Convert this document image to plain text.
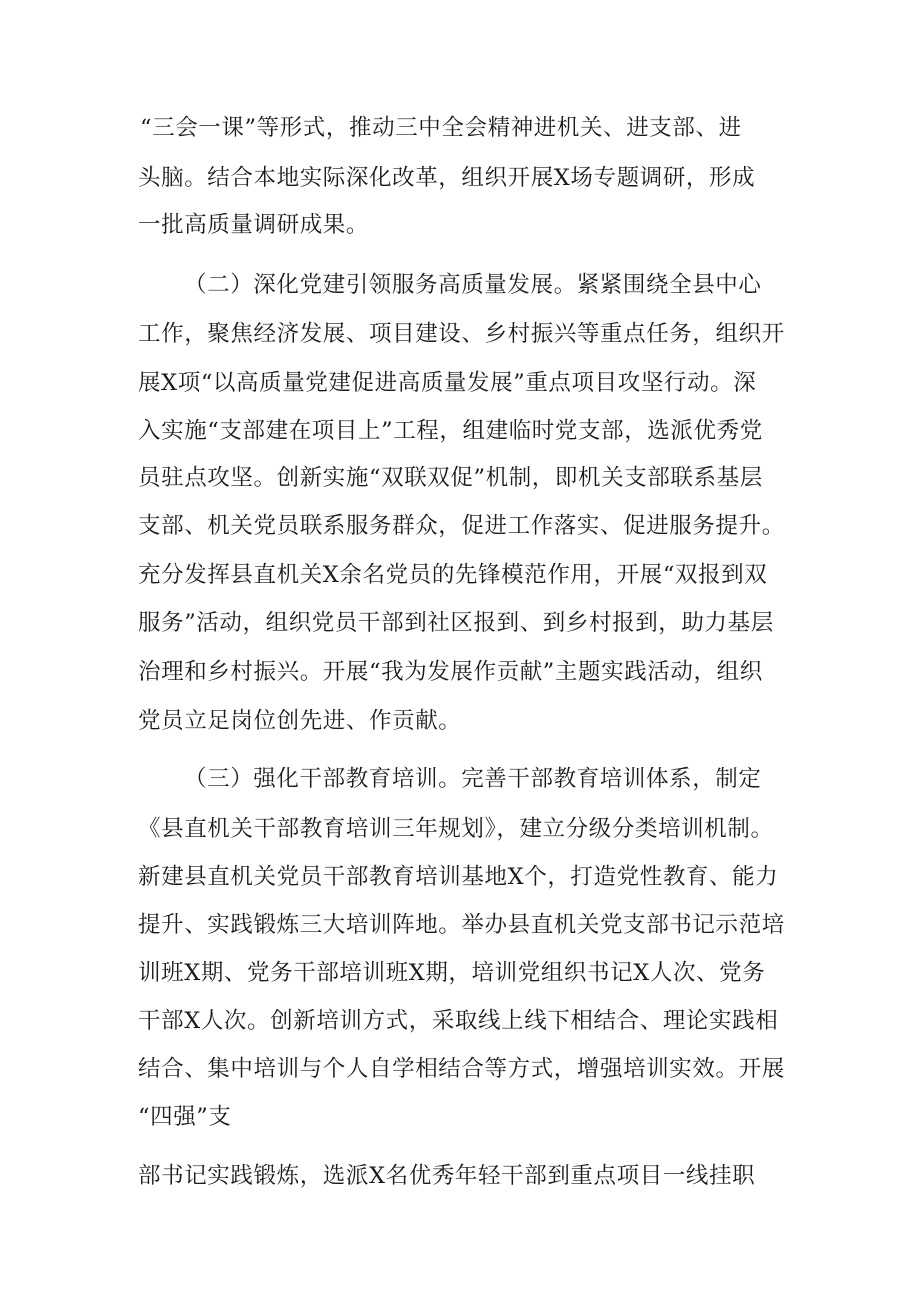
“三会一课”等形式，推动三中全会精神进机关、进支部、进
头脑。结合本地实际深化改革，组织开展X场专题调研，形成
一批高质量调研成果。
（二）深化党建引领服务高质量发展。紧紧围绕全县中心
工作，聚焦经济发展、项目建设、乡村振兴等重点任务，组织开
展X项“以高质量党建促进高质量发展”重点项目攻坚行动。深
入实施“支部建在项目上”工程，组建临时党支部，选派优秀党
员驻点攻坚。创新实施“双联双促”机制，即机关支部联系基层
支部、机关党员联系服务群众，促进工作落实、促进服务提升。
充分发挥县直机关X余名党员的先锋模范作用，开展“双报到双
服务”活动，组织党员干部到社区报到、到乡村报到，助力基层
治理和乡村振兴。开展“我为发展作贡献”主题实践活动，组织
党员立足岗位创先进、作贡献。
（三）强化干部教育培训。完善干部教育培训体系，制定
《县直机关干部教育培训三年规划》，建立分级分类培训机制。
新建县直机关党员干部教育培训基地X个，打造党性教育、能力
提升、实践锻炼三大培训阵地。举办县直机关党支部书记示范培
训班X期、党务干部培训班X期，培训党组织书记X人次、党务
干部X人次。创新培训方式，采取线上线下相结合、理论实践相
结合、集中培训与个人自学相结合等方式，增强培训实效。开展
“四强”支
部书记实践锻炼，选派X名优秀年轻干部到重点项目一线挂职
